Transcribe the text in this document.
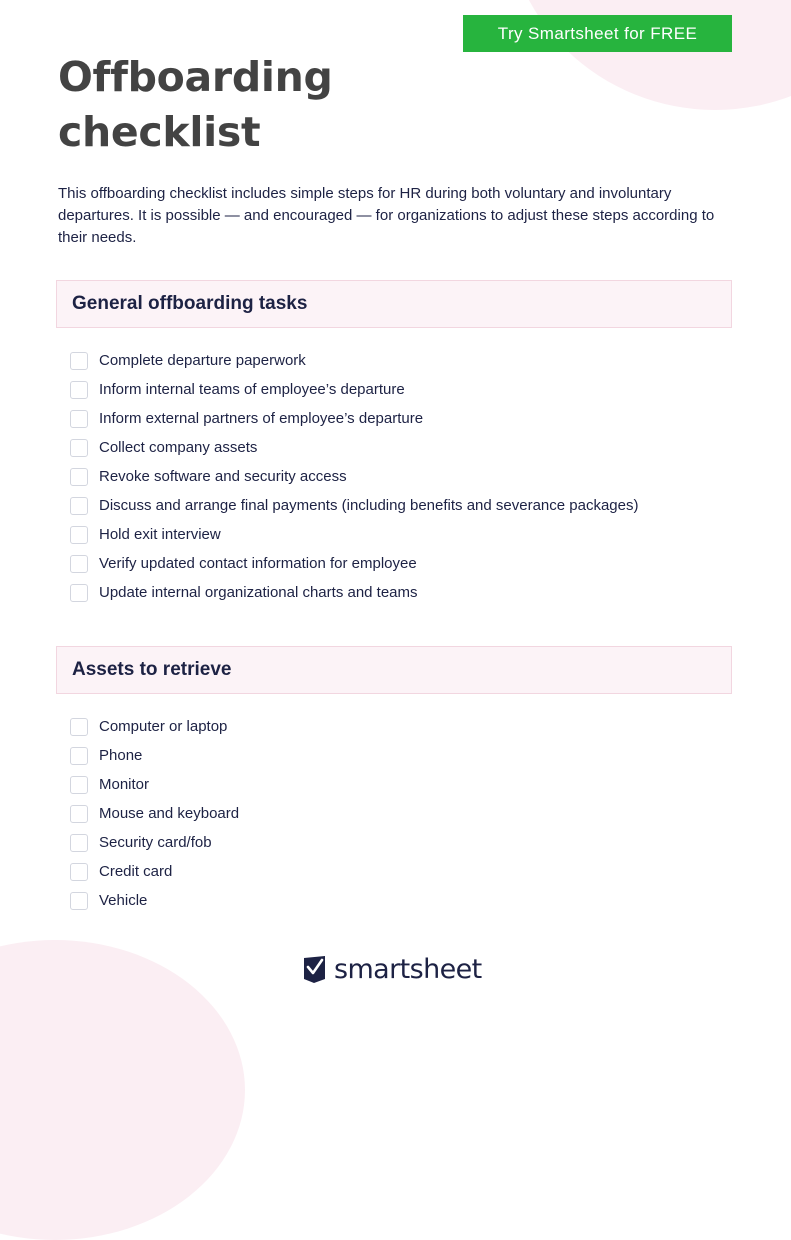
Try Smartsheet for FREE
Offboarding
checklist

This offboarding checklist includes simple steps for HR during both voluntary and involuntary departures. It is possible — and encouraged — for organizations to adjust these steps according to their needs.

General offboarding tasks
Complete departure paperwork
Inform internal teams of employee’s departure
Inform external partners of employee’s departure
Collect company assets
Revoke software and security access
Discuss and arrange final payments (including benefits and severance packages)
Hold exit interview
Verify updated contact information for employee
Update internal organizational charts and teams
Assets to retrieve
Computer or laptop
Phone
Monitor
Mouse and keyboard
Security card/fob
Credit card
Vehicle
smartsheet
